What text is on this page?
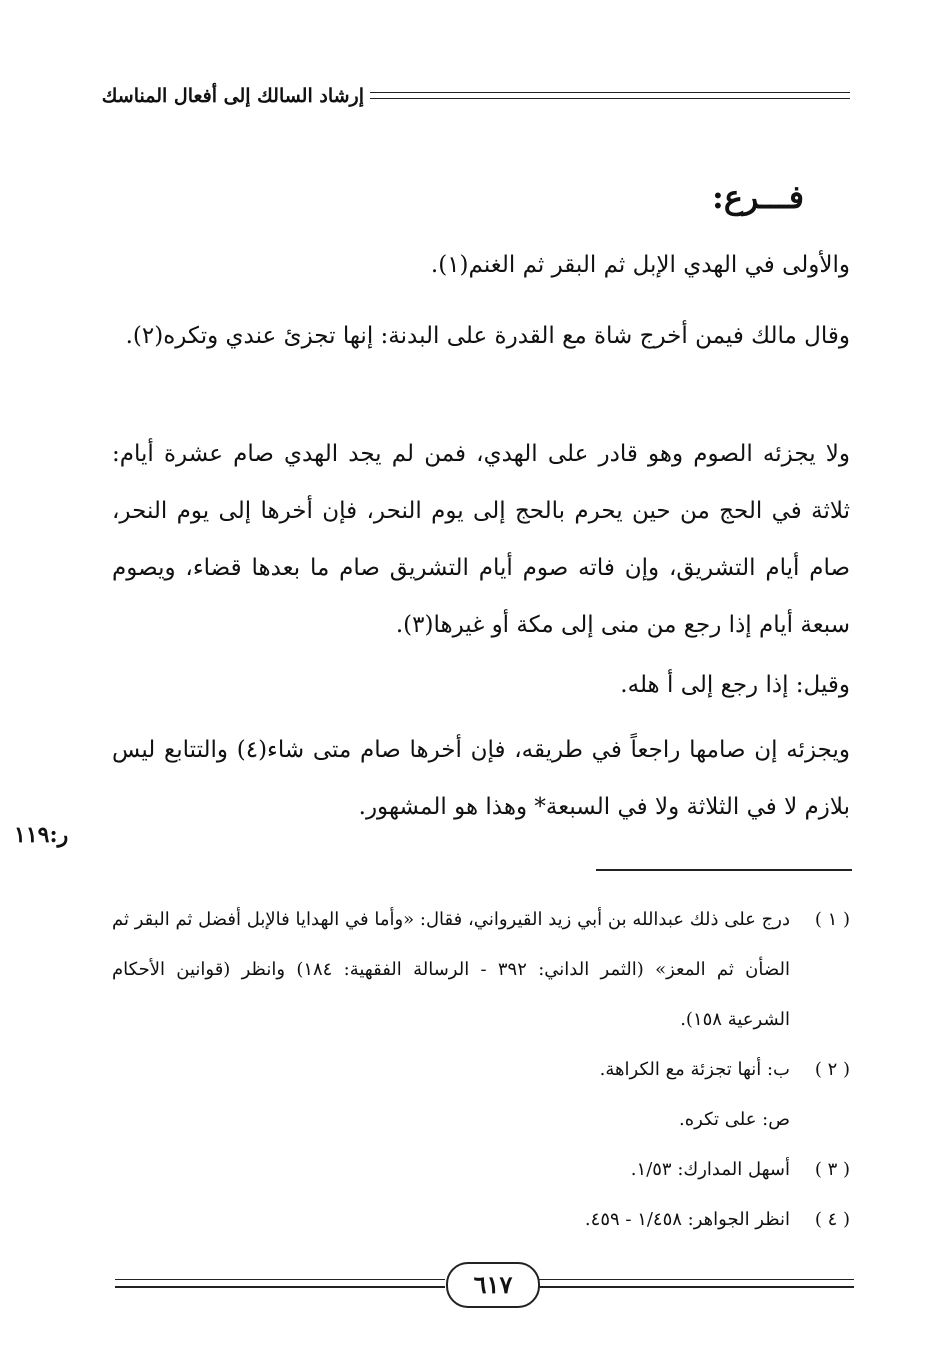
إرشاد السالك إلى أفعال المناسك
فـــرع:
والأولى في الهدي الإبل ثم البقر ثم الغنم(١).
وقال مالك فيمن أخرج شاة مع القدرة على البدنة: إنها تجزئ عندي وتكره(٢).
ولا يجزئه الصوم وهو قادر على الهدي، فمن لم يجد الهدي صام عشرة أيام: ثلاثة في الحج من حين يحرم بالحج إلى يوم النحر، فإن أخرها إلى يوم النحر، صام أيام التشريق، وإن فاته صوم أيام التشريق صام ما بعدها قضاء، ويصوم سبعة أيام إذا رجع من منى إلى مكة أو غيرها(٣).
وقيل: إذا رجع إلى أ هله.
ويجزئه إن صامها راجعاً في طريقه، فإن أخرها صام متى شاء(٤) والتتابع ليس بلازم لا في الثلاثة ولا في السبعة* وهذا هو المشهور.
ر:١١٩
( ١ )
درج على ذلك عبدالله بن أبي زيد القيرواني، فقال: «وأما في الهدايا فالإبل أفضل ثم البقر ثم الضأن ثم المعز» (الثمر الداني: ٣٩٢ - الرسالة الفقهية: ١٨٤) وانظر (قوانين الأحكام الشرعية ١٥٨).
( ٢ )
ب: أنها تجزئة مع الكراهة.
ص: على تكره.
( ٣ )
أسهل المدارك: ١/٥٣.
( ٤ )
انظر الجواهر: ١/٤٥٨ - ٤٥٩.
٦١٧
